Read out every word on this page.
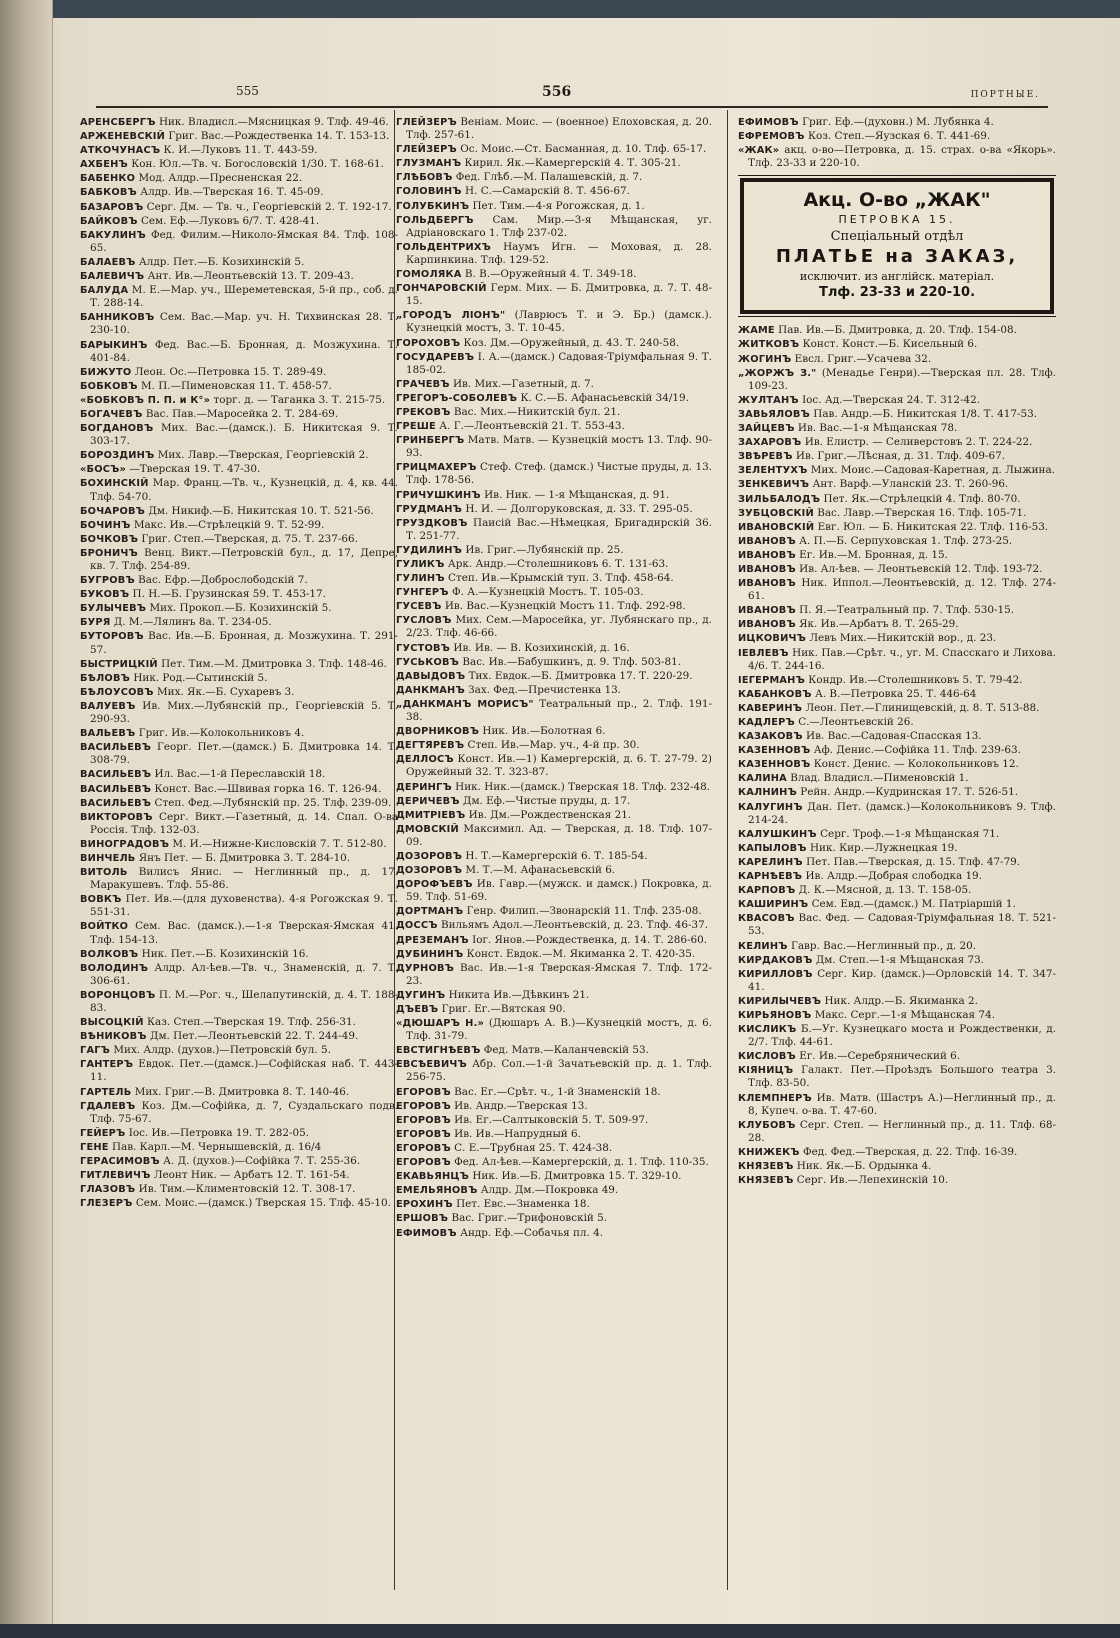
555	556	ПОРТНЫЕ.
АРЕНСБЕРГЪ Ник. Владисл.—Мясницкая 9. Тлф. 49-46.
АРЖЕНЕВСКІЙ Григ. Вас.—Рождественка 14. Т. 153-13.
АТКОЧУНАСЪ К. И.—Луковъ 11. Т. 443-59.
АХБЕНЪ Кон. Юл.—Тв. ч. Богословскій 1/30. Т. 168-61.
БАБЕНКО Мод. Алдр.—Пресненская 22.
БАБКОВЪ Алдр. Ив.—Тверская 16. Т. 45-09.
БАЗАРОВЪ Серг. Дм. — Тв. ч., Георгіевскій 2. Т. 192-17.
БАЙКОВЪ Сем. Еф.—Луковъ 6/7. Т. 428-41.
БАКУЛИНЪ Фед. Филим.—Николо-Ямская 84. Тлф. 108-65.
БАЛАЕВЪ Алдр. Пет.—Б. Козихинскій 5.
БАЛЕВИЧЪ Ант. Ив.—Леонтьевскій 13. Т. 209-43.
БАЛУДА М. Е.—Мар. уч., Шереметевская, 5-й пр., соб. д. Т. 288-14.
БАННИКОВЪ Сем. Вас.—Мар. уч. Н. Тихвинская 28. Т. 230-10.
БАРЫКИНЪ Фед. Вас.—Б. Бронная, д. Мозжухина. Т. 401-84.
БИЖУТО Леон. Ос.—Петровка 15. Т. 289-49.
БОБКОВЪ М. П.—Пименовская 11. Т. 458-57.
«БОБКОВЪ П. П. и К°» торг. д. — Таганка 3. Т. 215-75.
БОГАЧЕВЪ Вас. Пав.—Маросейка 2. Т. 284-69.
БОГДАНОВЪ Мих. Вас.—(дамск.). Б. Никитская 9. Т. 303-17.
БОРОЗДИНЪ Мих. Лавр.—Тверская, Георгіевскій 2.
«БОСЪ» —Тверская 19. Т. 47-30.
БОХИНСКІЙ Мар. Франц.—Тв. ч., Кузнецкій, д. 4, кв. 44. Тлф. 54-70.
БОЧАРОВЪ Дм. Никиф.—Б. Никитская 10. Т. 521-56.
БОЧИНЪ Макс. Ив.—Стрѣлецкій 9. Т. 52-99.
БОЧКОВЪ Григ. Степ.—Тверская, д. 75. Т. 237-66.
БРОНИЧЪ Венц. Викт.—Петровскій бул., д. 17, Депре, кв. 7. Тлф. 254-89.
БУГРОВЪ Вас. Ефр.—Доброслободскій 7.
БУКОВЪ П. Н.—Б. Грузинская 59. Т. 453-17.
БУЛЫЧЕВЪ Мих. Прокоп.—Б. Козихинскій 5.
БУРЯ Д. М.—Лялинъ 8а. Т. 234-05.
БУТОРОВЪ Вас. Ив.—Б. Бронная, д. Мозжухина. Т. 291-57.
БЫСТРИЦКІЙ Пет. Тим.—М. Дмитровка 3. Тлф. 148-46.
БѢЛОВЪ Ник. Род.—Сытинскій 5.
БѢЛОУСОВЪ Мих. Як.—Б. Сухаревъ 3.
ВАЛУЕВЪ Ив. Мих.—Лубянскій пр., Георгіевскій 5. Т. 290-93.
ВАЛЬЕВЪ Григ. Ив.—Колокольниковъ 4.
ВАСИЛЬЕВЪ Георг. Пет.—(дамск.) Б. Дмитровка 14. Т. 308-79.
ВАСИЛЬЕВЪ Ил. Вас.—1-й Переславскій 18.
ВАСИЛЬЕВЪ Конст. Вас.—Швивая горка 16. Т. 126-94.
ВАСИЛЬЕВЪ Степ. Фед.—Лубянскій пр. 25. Тлф. 239-09.
ВИКТОРОВЪ Серг. Викт.—Газетный, д. 14. Спал. О-ва Россія. Тлф. 132-03.
ВИНОГРАДОВЪ М. И.—Нижне-Кисловскій 7. Т. 512-80.
ВИНЧЕЛЬ Янъ Пет. — Б. Дмитровка 3. Т. 284-10.
ВИТОЛЬ Вилисъ Янис. — Неглинный пр., д. 17. Маракушевъ. Тлф. 55-86.
ВОВКЪ Пет. Ив.—(для духовенства). 4-я Рогожская 9. Т. 551-31.
ВОЙТКО Сем. Вас. (дамск.).—1-я Тверская-Ямская 41. Тлф. 154-13.
ВОЛКОВЪ Ник. Пет.—Б. Козихинскій 16.
ВОЛОДИНЪ Алдр. Ал-ѣев.—Тв. ч., Знаменскій, д. 7. Т. 306-61.
ВОРОНЦОВЪ П. М.—Рог. ч., Шелапутинскій, д. 4. Т. 188-83.
ВЫСОЦКІЙ Каз. Степ.—Тверская 19. Тлф. 256-31.
ВѢНИКОВЪ Дм. Пет.—Леонтьевскій 22. Т. 244-49.
ГАГЪ Мих. Алдр. (духов.)—Петровскій бул. 5.
ГАНТЕРЪ Евдок. Пет.—(дамск.)—Софійская наб. Т. 443-11.
ГАРТЕЛЬ Мих. Григ.—В. Дмитровка 8. Т. 140-46.
ГДАЛЕВЪ Коз. Дм.—Софійка, д. 7, Суздальскаго подв. Тлф. 75-67.
ГЕЙЕРЪ Іос. Ив.—Петровка 19. Т. 282-05.
ГЕНЕ Пав. Карл.—М. Чернышевскій, д. 16/4
ГЕРАСИМОВЪ А. Д. (духов.)—Софійка 7. Т. 255-36.
ГИТЛЕВИЧЪ Леонт Ник. — Арбатъ 12. Т. 161-54.
ГЛАЗОВЪ Ив. Тим.—Климентовскій 12. Т. 308-17.
ГЛЕЗЕРЪ Сем. Моис.—(дамск.) Тверская 15. Тлф. 45-10.
ГЛЕЙЗЕРЪ Веніам. Моис. — (военное) Елоховская, д. 20. Тлф. 257-61.
ГЛЕЙЗЕРЪ Ос. Моис.—Ст. Басманная, д. 10. Тлф. 65-17.
ГЛУЗМАНЪ Кирил. Як.—Камергерскій 4. Т. 305-21.
ГЛѢБОВЪ Фед. Глѣб.—М. Палашевскій, д. 7.
ГОЛОВИНЪ Н. С.—Самарскій 8. Т. 456-67.
ГОЛУБКИНЪ Пет. Тим.—4-я Рогожская, д. 1.
ГОЛЬДБЕРГЪ Сам. Мир.—3-я Мѣщанская, уг. Адріановскаго 1. Тлф 237-02.
ГОЛЬДЕНТРИХЪ Наумъ Игн. — Моховая, д. 28. Карпинкина. Тлф. 129-52.
ГОМОЛЯКА В. В.—Оружейный 4. Т. 349-18.
ГОНЧАРОВСКІЙ Герм. Мих. — Б. Дмитровка, д. 7. Т. 48-15.
„ГОРОДЪ ЛІОНЪ" (Лаврюсъ Т. и Э. Бр.) (дамск.). Кузнецкій мостъ, 3. Т. 10-45.
ГОРОХОВЪ Коз. Дм.—Оружейный, д. 43. Т. 240-58.
ГОСУДАРЕВЪ І. А.—(дамск.) Садовая-Тріумфальная 9. Т. 185-02.
ГРАЧЕВЪ Ив. Мих.—Газетный, д. 7.
ГРЕГОРЪ-СОБОЛЕВЪ К. С.—Б. Афанасьевскій 34/19.
ГРЕКОВЪ Вас. Мих.—Никитскій бул. 21.
ГРЕШЕ А. Г.—Леонтьевскій 21. Т. 553-43.
ГРИНБЕРГЪ Матв. Матв. — Кузнецкій мостъ 13. Тлф. 90-93.
ГРИЦМАХЕРЪ Стеф. Стеф. (дамск.) Чистые пруды, д. 13. Тлф. 178-56.
ГРИЧУШКИНЪ Ив. Ник. — 1-я Мѣщанская, д. 91.
ГРУДМАНЪ Н. И. — Долгоруковская, д. 33. Т. 295-05.
ГРУЗДКОВЪ Паисій Вас.—Нѣмецкая, Бригадирскій 36. Т. 251-77.
ГУДИЛИНЪ Ив. Григ.—Лубянскій пр. 25.
ГУЛИКЪ Арк. Андр.—Столешниковъ 6. Т. 131-63.
ГУЛИНЪ Степ. Ив.—Крымскій туп. 3. Тлф. 458-64.
ГУНГЕРЪ Ф. А.—Кузнецкій Мостъ. Т. 105-03.
ГУСЕВЪ Ив. Вас.—Кузнецкій Мостъ 11. Тлф. 292-98.
ГУСЛОВЪ Мих. Сем.—Маросейка, уг. Лубянскаго пр., д. 2/23. Тлф. 46-66.
ГУСТОВЪ Ив. Ив. — В. Козихинскій, д. 16.
ГУСЬКОВЪ Вас. Ив.—Бабушкинъ, д. 9. Тлф. 503-81.
ДАВЫДОВЪ Тих. Евдок.—Б. Дмитровка 17. Т. 220-29.
ДАНКМАНЪ Зах. Фед.—Пречистенка 13.
„ДАНКМАНЪ МОРИСЪ" Театральный пр., 2. Тлф. 191-38.
ДВОРНИКОВЪ Ник. Ив.—Болотная 6.
ДЕГТЯРЕВЪ Степ. Ив.—Мар. уч., 4-й пр. 30.
ДЕЛЛОСЪ Конст. Ив.—1) Камергерскій, д. 6. Т. 27-79. 2) Оружейный 32. Т. 323-87.
ДЕРИНГЪ Ник. Ник.—(дамск.) Тверская 18. Тлф. 232-48.
ДЕРИЧЕВЪ Дм. Еф.—Чистые пруды, д. 17.
ДМИТРІЕВЪ Ив. Дм.—Рождественская 21.
ДМОВСКІЙ Максимил. Ад. — Тверская, д. 18. Тлф. 107-09.
ДОЗОРОВЪ Н. Т.—Камергерскій 6. Т. 185-54.
ДОЗОРОВЪ М. Т.—М. Афанасьевскій 6.
ДОРОФЪЕВЪ Ив. Гавр.—(мужск. и дамск.) Покровка, д. 59. Тлф. 51-69.
ДОРТМАНЪ Генр. Филип.—Звонарскій 11. Тлф. 235-08.
ДОССЪ Вильямъ Адол.—Леонтьевскій, д. 23. Тлф. 46-37.
ДРЕЗЕМАНЪ Іог. Янов.—Рождественка, д. 14. Т. 286-60.
ДУБИНИНЪ Конст. Евдок.—М. Якиманка 2. Т. 420-35.
ДУРНОВЪ Вас. Ив.—1-я Тверская-Ямская 7. Тлф. 172-23.
ДУГИНЪ Никита Ив.—Дѣвкинъ 21.
ДЪЕВЪ Григ. Ег.—Вятская 90.
«ДЮШАРЪ Н.» (Дюшаръ А. В.)—Кузнецкій мостъ, д. 6. Тлф. 31-79.
ЕВСТИГНѢЕВЪ Фед. Матв.—Каланчевскій 53.
ЕВСѢЕВИЧЪ Абр. Сол.—1-й Зачатьевскій пр. д. 1. Тлф. 256-75.
ЕГОРОВЪ Вас. Ег.—Срѣт. ч., 1-й Знаменскій 18.
ЕГОРОВЪ Ив. Андр.—Тверская 13.
ЕГОРОВЪ Ив. Ег.—Салтыковскій 5. Т. 509-97.
ЕГОРОВЪ Ив. Ив.—Напрудный 6.
ЕГОРОВЪ С. Е.—Трубная 25. Т. 424-38.
ЕГОРОВЪ Фед. Ал-ѣев.—Камергерскій, д. 1. Тлф. 110-35.
ЕКАВЬЯНЦЪ Ник. Ив.—Б. Дмитровка 15. Т. 329-10.
ЕМЕЛЬЯНОВЪ Алдр. Дм.—Покровка 49.
ЕРОХИНЪ Пет. Евс.—Знаменка 18.
ЕРШОВЪ Вас. Григ.—Трифоновскій 5.
ЕФИМОВЪ Андр. Еф.—Собачья пл. 4.
ЕФИМОВЪ Григ. Еф.—(духовн.) М. Лубянка 4.
ЕФРЕМОВЪ Коз. Степ.—Яузская 6. Т. 441-69.
«ЖАК» акц. о-во—Петровка, д. 15. страх. о-ва «Якорь». Тлф. 23-33 и 220-10.
Акц. О-во „ЖАК"
ПЕТРОВКА 15.
Спеціальный отдѣл
ПЛАТЬЕ на ЗАКАЗ,
исключит. из англійск. матеріал.
Тлф. 23-33 и 220-10.
ЖАМЕ Пав. Ив.—Б. Дмитровка, д. 20. Тлф. 154-08.
ЖИТКОВЪ Конст. Конст.—Б. Кисельный 6.
ЖОГИНЪ Евсл. Григ.—Усачева 32.
„ЖОРЖЪ З." (Менадье Генри).—Тверская пл. 28. Тлф. 109-23.
ЖУЛТАНЪ Іос. Ад.—Тверская 24. Т. 312-42.
ЗАВЬЯЛОВЪ Пав. Андр.—Б. Никитская 1/8. Т. 417-53.
ЗАЙЦЕВЪ Ив. Вас.—1-я Мѣщанская 78.
ЗАХАРОВЪ Ив. Елистр. — Селиверстовъ 2. Т. 224-22.
ЗВѢРЕВЪ Ив. Григ.—Лѣсная, д. 31. Тлф. 409-67.
ЗЕЛЕНТУХЪ Мих. Моис.—Садовая-Каретная, д. Лыжина.
ЗЕНКЕВИЧЪ Ант. Варф.—Уланскій 23. Т. 260-96.
ЗИЛЬБАЛОДЪ Пет. Як.—Стрѣлецкій 4. Тлф. 80-70.
ЗУБЦОВСКІЙ Вас. Лавр.—Тверская 16. Тлф. 105-71.
ИВАНОВСКІЙ Евг. Юл. — Б. Никитская 22. Тлф. 116-53.
ИВАНОВЪ А. П.—Б. Серпуховская 1. Тлф. 273-25.
ИВАНОВЪ Ег. Ив.—М. Бронная, д. 15.
ИВАНОВЪ Ив. Ал-ѣев. — Леонтьевскій 12. Тлф. 193-72.
ИВАНОВЪ Ник. Иппол.—Леонтьевскій, д. 12. Тлф. 274-61.
ИВАНОВЪ П. Я.—Театральный пр. 7. Тлф. 530-15.
ИВАНОВЪ Як. Ив.—Арбатъ 8. Т. 265-29.
ИЦКОВИЧЪ Левъ Мих.—Никитскій вор., д. 23.
ІЕВЛЕВЪ Ник. Пав.—Срѣт. ч., уг. М. Спасскаго и Лихова. 4/6. Т. 244-16.
ІЕГЕРМАНЪ Кондр. Ив.—Столешниковъ 5. Т. 79-42.
КАБАНКОВЪ А. В.—Петровка 25. Т. 446-64
КАВЕРИНЪ Леон. Пет.—Глинищевскій, д. 8. Т. 513-88.
КАДЛЕРЪ С.—Леонтьевскій 26.
КАЗАКОВЪ Ив. Вас.—Садовая-Спасская 13.
КАЗЕННОВЪ Аф. Денис.—Софійка 11. Тлф. 239-63.
КАЗЕННОВЪ Конст. Денис. — Колокольниковъ 12.
КАЛИНА Влад. Владисл.—Пименовскій 1.
КАЛНИНЪ Рейн. Андр.—Кудринская 17. Т. 526-51.
КАЛУГИНЪ Дан. Пет. (дамск.)—Колокольниковъ 9. Тлф. 214-24.
КАЛУШКИНЪ Серг. Троф.—1-я Мѣщанская 71.
КАПЫЛОВЪ Ник. Кир.—Лужнецкая 19.
КАРЕЛИНЪ Пет. Пав.—Тверская, д. 15. Тлф. 47-79.
КАРНѢЕВЪ Ив. Алдр.—Добрая слободка 19.
КАРПОВЪ Д. К.—Мясной, д. 13. Т. 158-05.
КАШИРИНЪ Сем. Евд.—(дамск.) М. Патріаршій 1.
КВАСОВЪ Вас. Фед. — Садовая-Тріумфальная 18. Т. 521-53.
КЕЛИНЪ Гавр. Вас.—Неглинный пр., д. 20.
КИРДАКОВЪ Дм. Степ.—1-я Мѣщанская 73.
КИРИЛЛОВЪ Серг. Кир. (дамск.)—Орловскій 14. Т. 347-41.
КИРИЛЫЧЕВЪ Ник. Алдр.—Б. Якиманка 2.
КИРЬЯНОВЪ Макс. Серг.—1-я Мѣщанская 74.
КИСЛИКЪ Б.—Уг. Кузнецкаго моста и Рождественки, д. 2/7. Тлф. 44-61.
КИСЛОВЪ Ег. Ив.—Серебрянический 6.
КІЯНИЦЪ Галакт. Пет.—Проѣздъ Большого театра 3. Тлф. 83-50.
КЛЕМПНЕРЪ Ив. Матв. (Шастръ А.)—Неглинный пр., д. 8, Купеч. о-ва. Т. 47-60.
КЛУБОВЪ Серг. Степ. — Неглинный пр., д. 11. Тлф. 68-28.
КНИЖЕКЪ Фед. Фед.—Тверская, д. 22. Тлф. 16-39.
КНЯЗЕВЪ Ник. Як.—Б. Ордынка 4.
КНЯЗЕВЪ Серг. Ив.—Лепехинскій 10.
